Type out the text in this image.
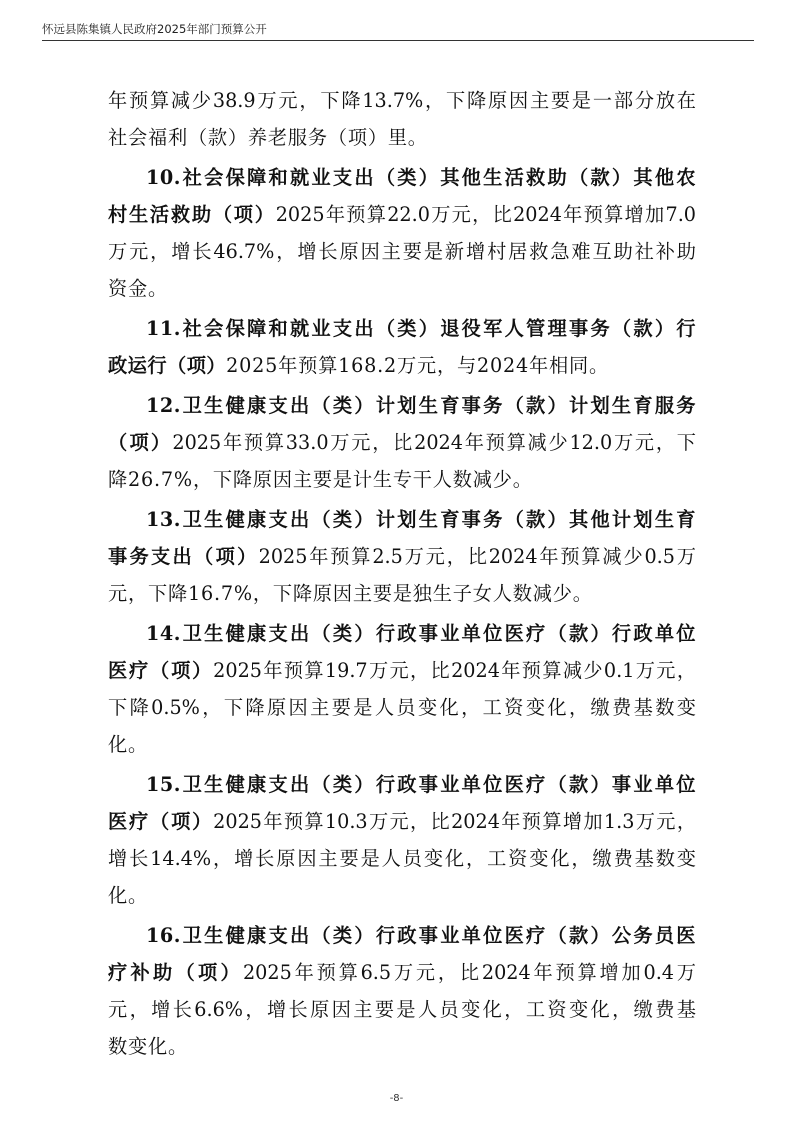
怀远县陈集镇人民政府2025年部门预算公开
年预算减少38.9万元，下降13.7%，下降原因主要是一部分放在
社会福利（款）养老服务（项）里。
10.社会保障和就业支出（类）其他生活救助（款）其他农
村生活救助（项）2025年预算22.0万元，比2024年预算增加7.0
万元，增长46.7%，增长原因主要是新增村居救急难互助社补助
资金。
11.社会保障和就业支出（类）退役军人管理事务（款）行
政运行（项）2025年预算168.2万元，与2024年相同。
12.卫生健康支出（类）计划生育事务（款）计划生育服务
（项）2025年预算33.0万元，比2024年预算减少12.0万元，下
降26.7%，下降原因主要是计生专干人数减少。
13.卫生健康支出（类）计划生育事务（款）其他计划生育
事务支出（项）2025年预算2.5万元，比2024年预算减少0.5万
元，下降16.7%，下降原因主要是独生子女人数减少。
14.卫生健康支出（类）行政事业单位医疗（款）行政单位
医疗（项）2025年预算19.7万元，比2024年预算减少0.1万元，
下降0.5%，下降原因主要是人员变化，工资变化，缴费基数变
化。
15.卫生健康支出（类）行政事业单位医疗（款）事业单位
医疗（项）2025年预算10.3万元，比2024年预算增加1.3万元，
增长14.4%，增长原因主要是人员变化，工资变化，缴费基数变
化。
16.卫生健康支出（类）行政事业单位医疗（款）公务员医
疗补助（项）2025年预算6.5万元，比2024年预算增加0.4万
元，增长6.6%，增长原因主要是人员变化，工资变化，缴费基
数变化。
-8-
